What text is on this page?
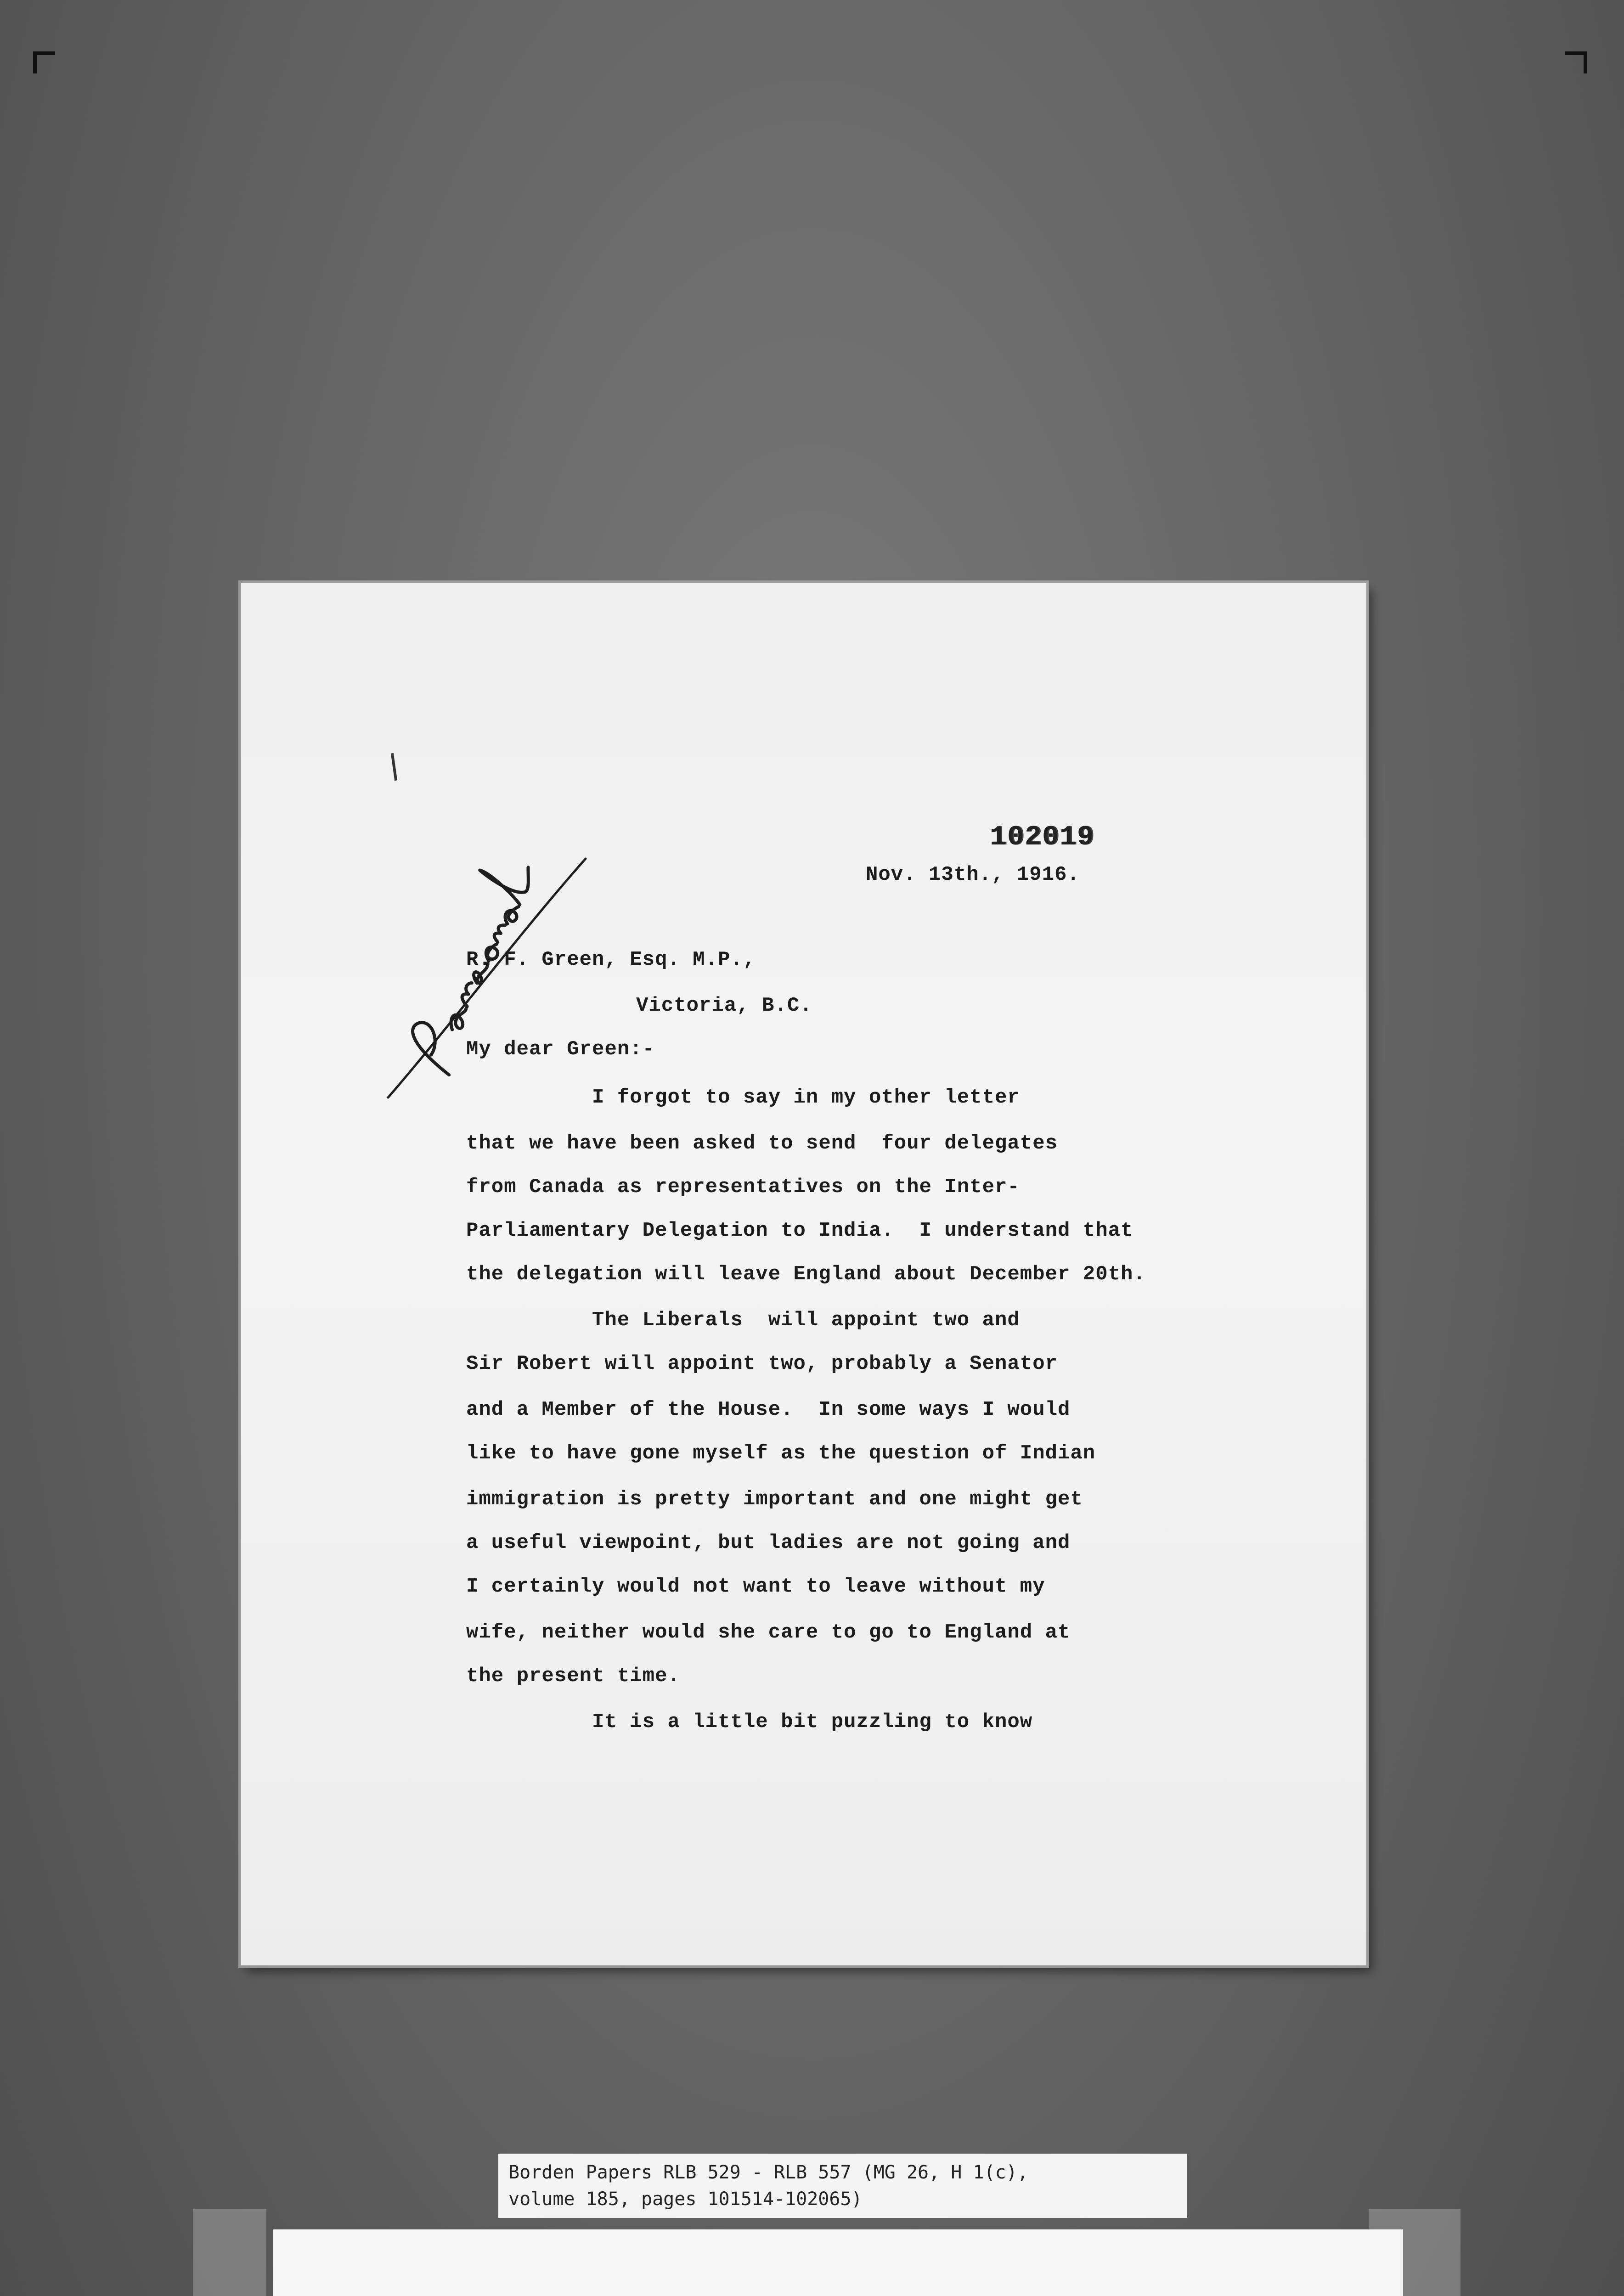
102019
Nov. 13th., 1916.
R. F. Green, Esq. M.P.,
Victoria, B.C.
My dear Green:-
I forgot to say in my other letter
that we have been asked to send  four delegates
from Canada as representatives on the Inter-
Parliamentary Delegation to India.  I understand that
the delegation will leave England about December 20th.
The Liberals  will appoint two and
Sir Robert will appoint two, probably a Senator
and a Member of the House.  In some ways I would
like to have gone myself as the question of Indian
immigration is pretty important and one might get
a useful viewpoint, but ladies are not going and
I certainly would not want to leave without my
wife, neither would she care to go to England at
the present time.
It is a little bit puzzling to know
Borden Papers RLB 529 - RLB 557 (MG 26, H 1(c),
volume 185, pages 101514-102065)
